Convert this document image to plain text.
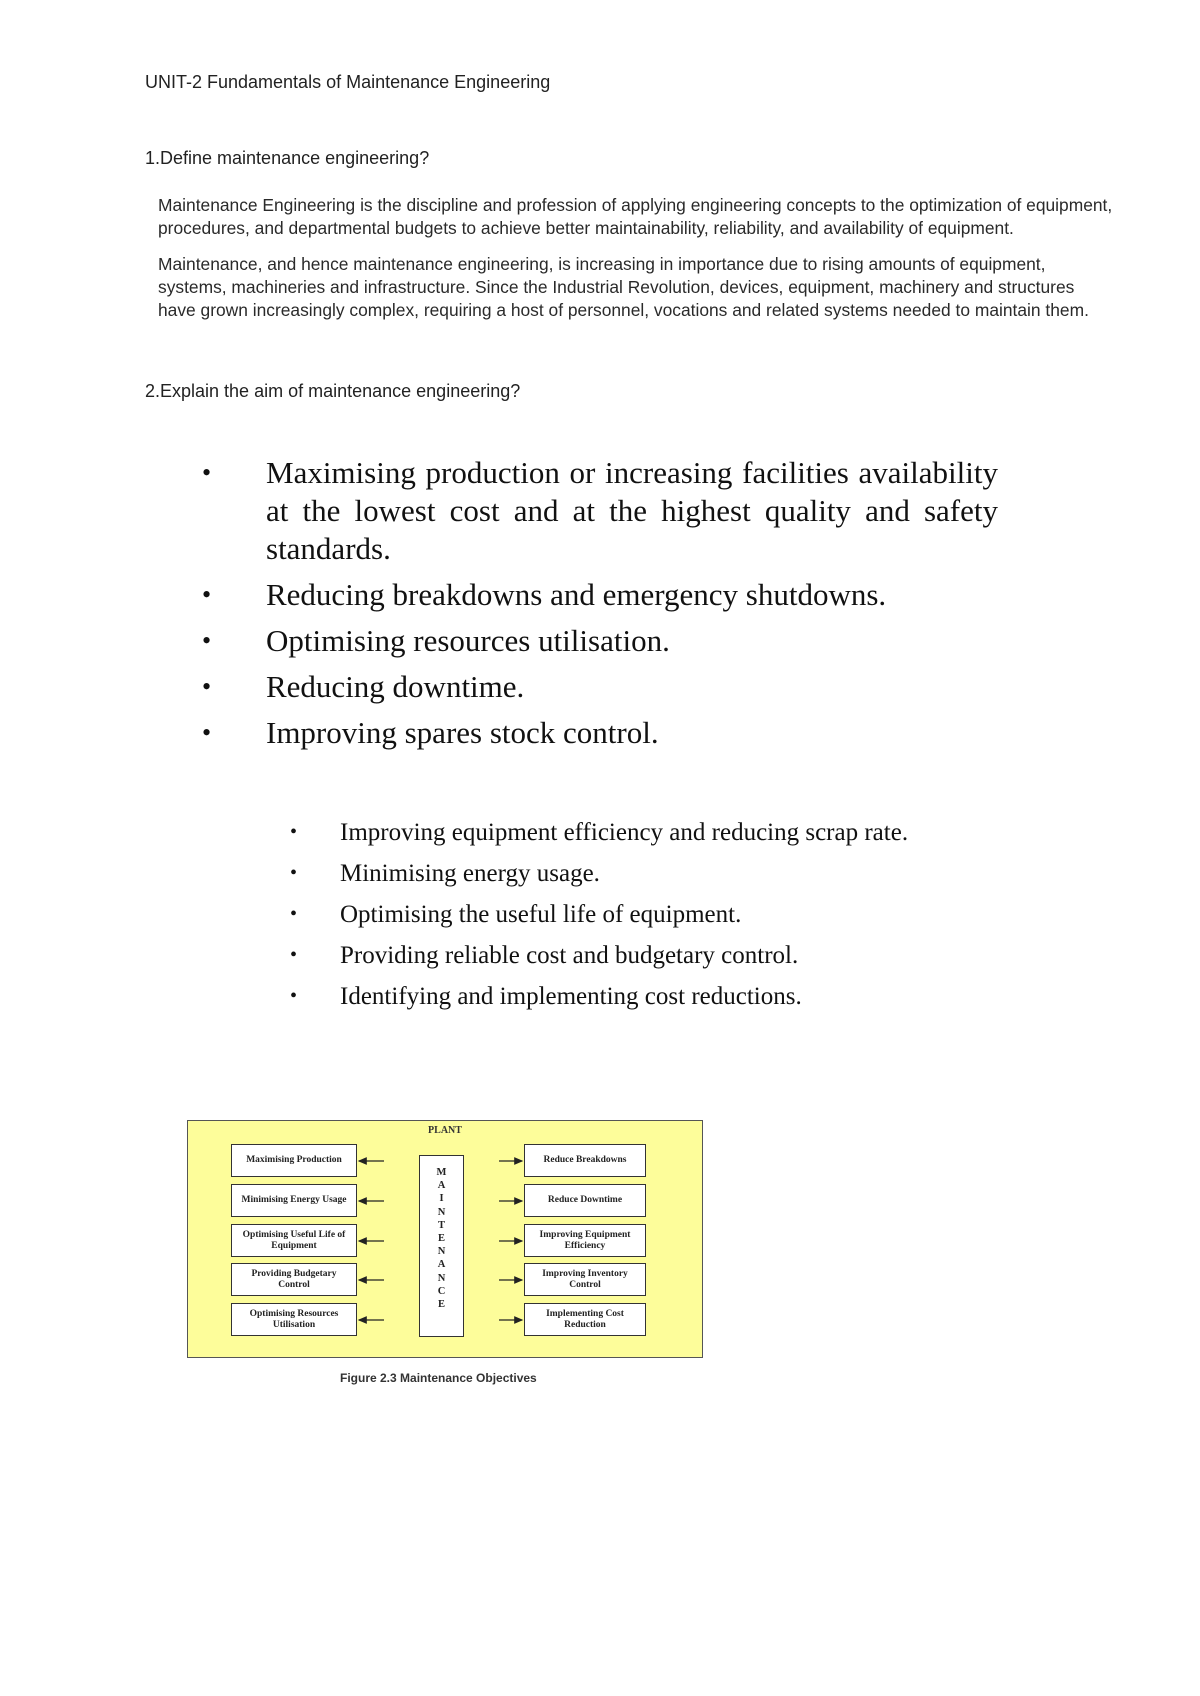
UNIT-2 Fundamentals of Maintenance Engineering
1.Define maintenance engineering?
Maintenance Engineering is the discipline and profession of applying engineering concepts to the optimization of equipment,
procedures, and departmental budgets to achieve better maintainability, reliability, and availability of equipment.
Maintenance, and hence maintenance engineering, is increasing in importance due to rising amounts of equipment,
systems, machineries and infrastructure. Since the Industrial Revolution, devices, equipment, machinery and structures
have grown increasingly complex, requiring a host of personnel, vocations and related systems needed to maintain them.
2.Explain the aim of maintenance engineering?
• Maximising production or increasing facilities availability at the lowest cost and at the highest quality and safety standards.
• Reducing breakdowns and emergency shutdowns.
• Optimising resources utilisation.
• Reducing downtime.
• Improving spares stock control.
• Improving equipment efficiency and reducing scrap rate.
• Minimising energy usage.
• Optimising the useful life of equipment.
• Providing reliable cost and budgetary control.
• Identifying and implementing cost reductions.
PLANT
Maximising Production
Minimising Energy Usage
Optimising Useful Life of Equipment
Providing Budgetary Control
Optimising Resources Utilisation
M
A
I
N
T
E
N
A
N
C
E
Reduce Breakdowns
Reduce Downtime
Improving Equipment Efficiency
Improving Inventory Control
Implementing Cost Reduction
Figure 2.3 Maintenance Objectives
